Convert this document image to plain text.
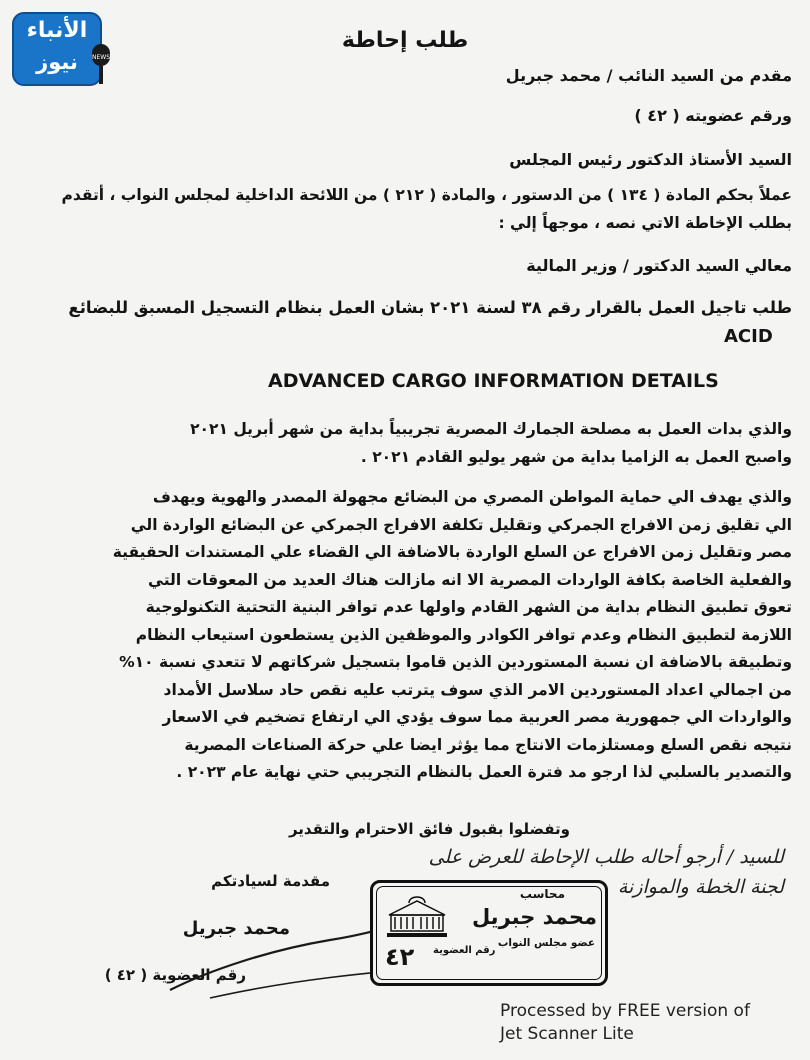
الأنباء
نيوز	NEWS
طلب إحاطة
مقدم من السيد النائب / محمد جبريل
ورقم عضويته ( ٤٢ )
السيد الأستاذ الدكتور رئيس المجلس
عملاً بحكم المادة ( ١٣٤ ) من الدستور ، والمادة ( ٢١٢ ) من اللائحة الداخلية لمجلس النواب ، أتقدم
بطلب الإخاطة الاتي نصه ، موجهاً إلي :
معالي السيد الدكتور / وزير المالية
طلب تاجيل العمل بالقرار رقم ٣٨ لسنة ٢٠٢١ بشان العمل بنظام التسجيل المسبق للبضائع
ACID
ADVANCED CARGO INFORMATION DETAILS
والذي بدات العمل به مصلحة الجمارك المصرية تجريبياً بداية من شهر أبريل ٢٠٢١
واصبح العمل به الزاميا بداية من شهر يوليو القادم ٢٠٢١ .
والذي يهدف الي حماية المواطن المصري من البضائع مجهولة المصدر والهوية ويهدف
الي تقليق زمن الافراج الجمركي وتقليل تكلفة الافراج الجمركي عن البضائع الواردة الي
مصر وتقليل زمن الافراج عن السلع الواردة بالاضافة الي القضاء علي المستندات الحقيقية
والفعلية الخاصة بكافة الواردات المصرية الا انه مازالت هناك العديد من المعوقات التي
تعوق تطبيق النظام بداية من الشهر القادم واولها عدم توافر البنية التحتية التكنولوجية
اللازمة لتطبيق النظام وعدم توافر الكوادر والموظفين الذين يستطعون استيعاب النظام
وتطبيقة بالاضافة ان نسبة المستوردين الذين قاموا بتسجيل شركاتهم لا تتعدي نسبة ١٠%
من اجمالي اعداد المستوردين الامر الذي سوف يترتب عليه نقص حاد سلاسل الأمداد
والواردات الي جمهورية مصر العربية مما سوف يؤدي الي ارتفاع تضخيم في الاسعار
نتيجه نقص السلع ومستلزمات الانتاج مما يؤثر ايضا علي حركة الصناعات المصرية
والتصدير بالسلبي لذا ارجو مد فترة العمل بالنظام التجريبي حتي نهاية عام ٢٠٢٣ .
وتفضلوا بقبول فائق الاحترام والتقدير
للسيد / أرجو أحاله طلب الإحاطة للعرض على
لجنة الخطة والموازنة
مقدمة لسيادتكم
محمد جبريل
رقم العضوية ( ٤٢ )
محاسب
محمد جبريل
عضو مجلس النواب
٤٢ رقم العضوية
Processed by FREE version of
Jet Scanner Lite
